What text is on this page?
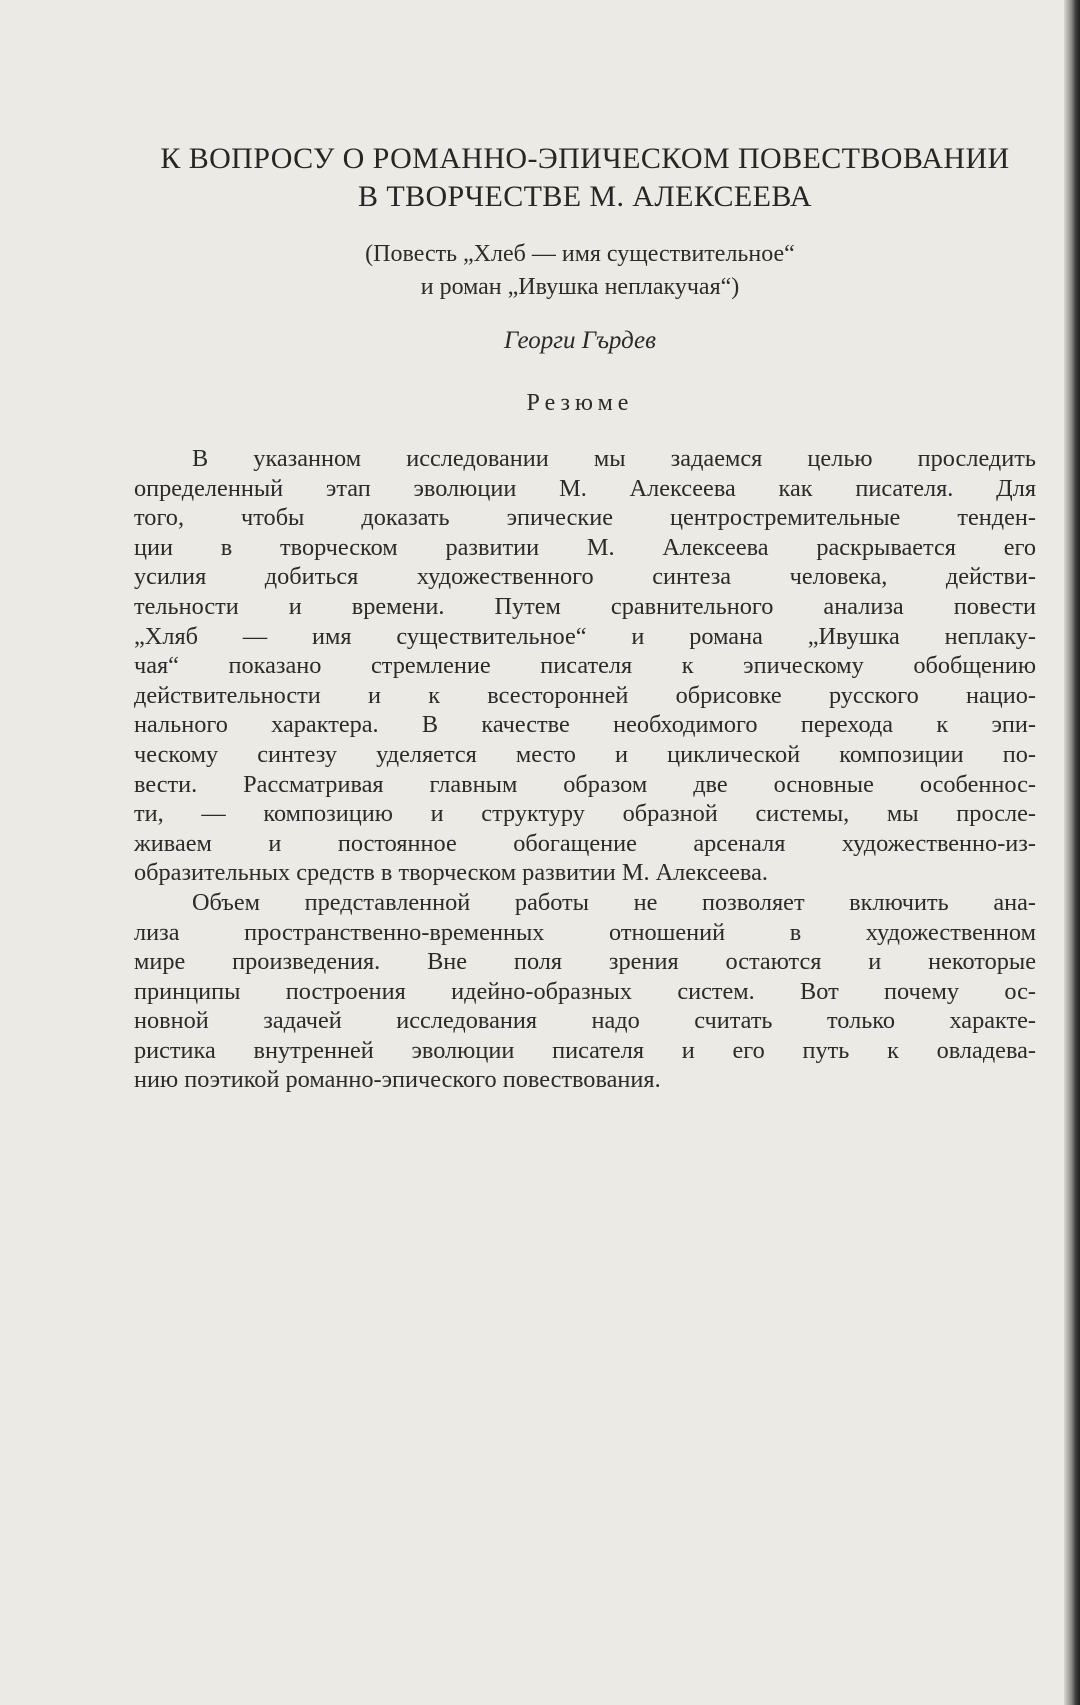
К ВОПРОСУ О РОМАННО-ЭПИЧЕСКОМ ПОВЕСТВОВАНИИ
В ТВОРЧЕСТВЕ М. АЛЕКСЕЕВА
(Повесть „Хлеб — имя существительное“
и роман „Ивушка неплакучая“)
Георги Гърдев
Резюме
В указанном исследовании мы задаемся целью проследить
определенный этап эволюции М. Алексеева как писателя. Для
того, чтобы доказать эпические центростремительные тенден-
ции в творческом развитии М. Алексеева раскрывается его
усилия добиться художественного синтеза человека, действи-
тельности и времени. Путем сравнительного анализа повести
„Хляб — имя существительное“ и романа „Ивушка неплаку-
чая“ показано стремление писателя к эпическому обобщению
действительности и к всесторонней обрисовке русского нацио-
нального характера. В качестве необходимого перехода к эпи-
ческому синтезу уделяется место и циклической композиции по-
вести. Рассматривая главным образом две основные особеннос-
ти, — композицию и структуру образной системы, мы просле-
живаем и постоянное обогащение арсеналя художественно-из-
образительных средств в творческом развитии М. Алексеева.
Объем представленной работы не позволяет включить ана-
лиза пространственно-временных отношений в художественном
мире произведения. Вне поля зрения остаются и некоторые
принципы построения идейно-образных систем. Вот почему ос-
новной задачей исследования надо считать только характе-
ристика внутренней эволюции писателя и его путь к овладева-
нию поэтикой романно-эпического повествования.
